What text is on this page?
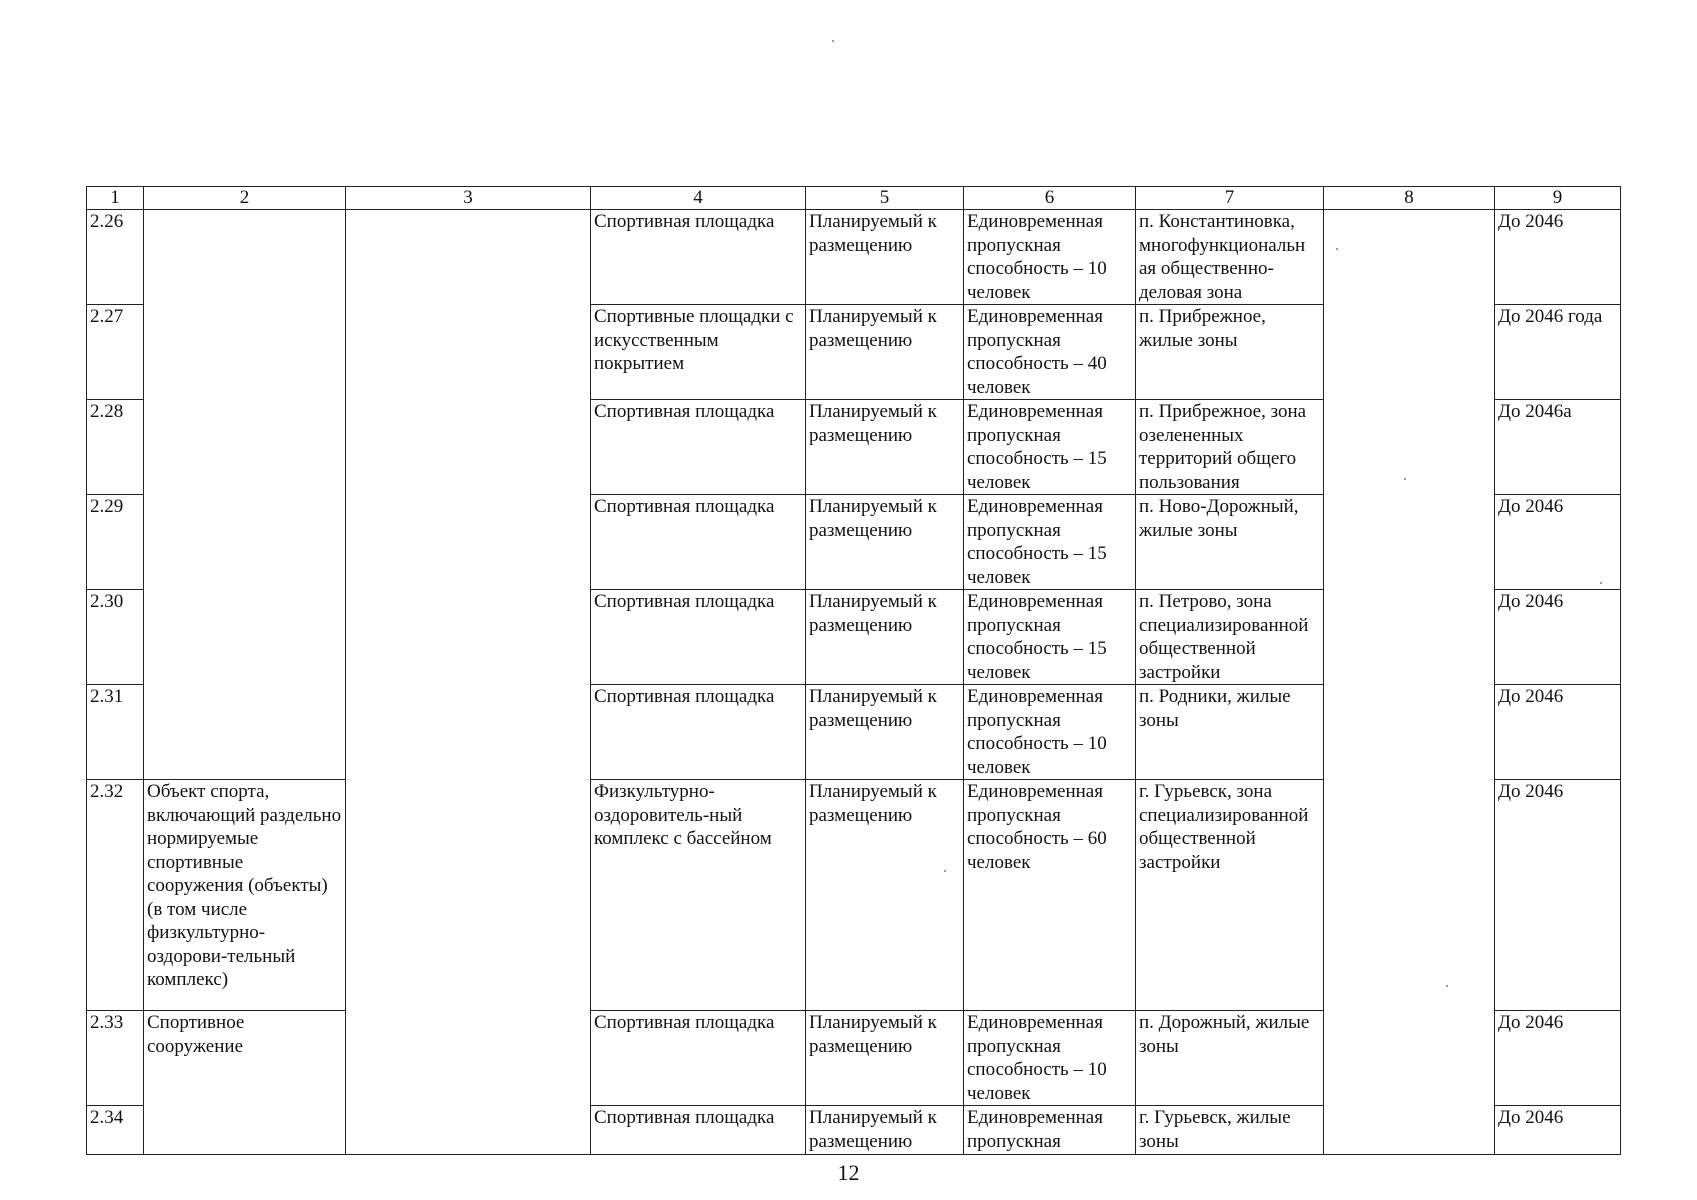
1	2	3	4	5	6	7	8	9
2.26			Спортивная площадка	Планируемый к размещению	Единовременная пропускная способность – 10 человек	п. Константиновка, многофункциональн ая общественно-деловая зона		До 2046
2.27			Спортивные площадки с искусственным покрытием	Планируемый к размещению	Единовременная пропускная способность – 40 человек	п. Прибрежное, жилые зоны		До 2046 года
2.28			Спортивная площадка	Планируемый к размещению	Единовременная пропускная способность – 15 человек	п. Прибрежное, зона озелененных территорий общего пользования		До 2046а
2.29			Спортивная площадка	Планируемый к размещению	Единовременная пропускная способность – 15 человек	п. Ново-Дорожный, жилые зоны		До 2046
2.30			Спортивная площадка	Планируемый к размещению	Единовременная пропускная способность – 15 человек	п. Петрово, зона специализированной общественной застройки		До 2046
2.31			Спортивная площадка	Планируемый к размещению	Единовременная пропускная способность – 10 человек	п. Родники, жилые зоны		До 2046
2.32	Объект спорта, включающий раздельно нормируемые спортивные сооружения (объекты) (в том числе физкультурно-оздорови-тельный комплекс)		Физкультурно-оздоровитель-ный комплекс с бассейном	Планируемый к размещению	Единовременная пропускная способность – 60 человек	г. Гурьевск, зона специализированной общественной застройки		До 2046
2.33	Спортивное сооружение		Спортивная площадка	Планируемый к размещению	Единовременная пропускная способность – 10 человек	п. Дорожный, жилые зоны		До 2046
2.34			Спортивная площадка	Планируемый к размещению	Единовременная пропускная	г. Гурьевск, жилые зоны		До 2046
12
